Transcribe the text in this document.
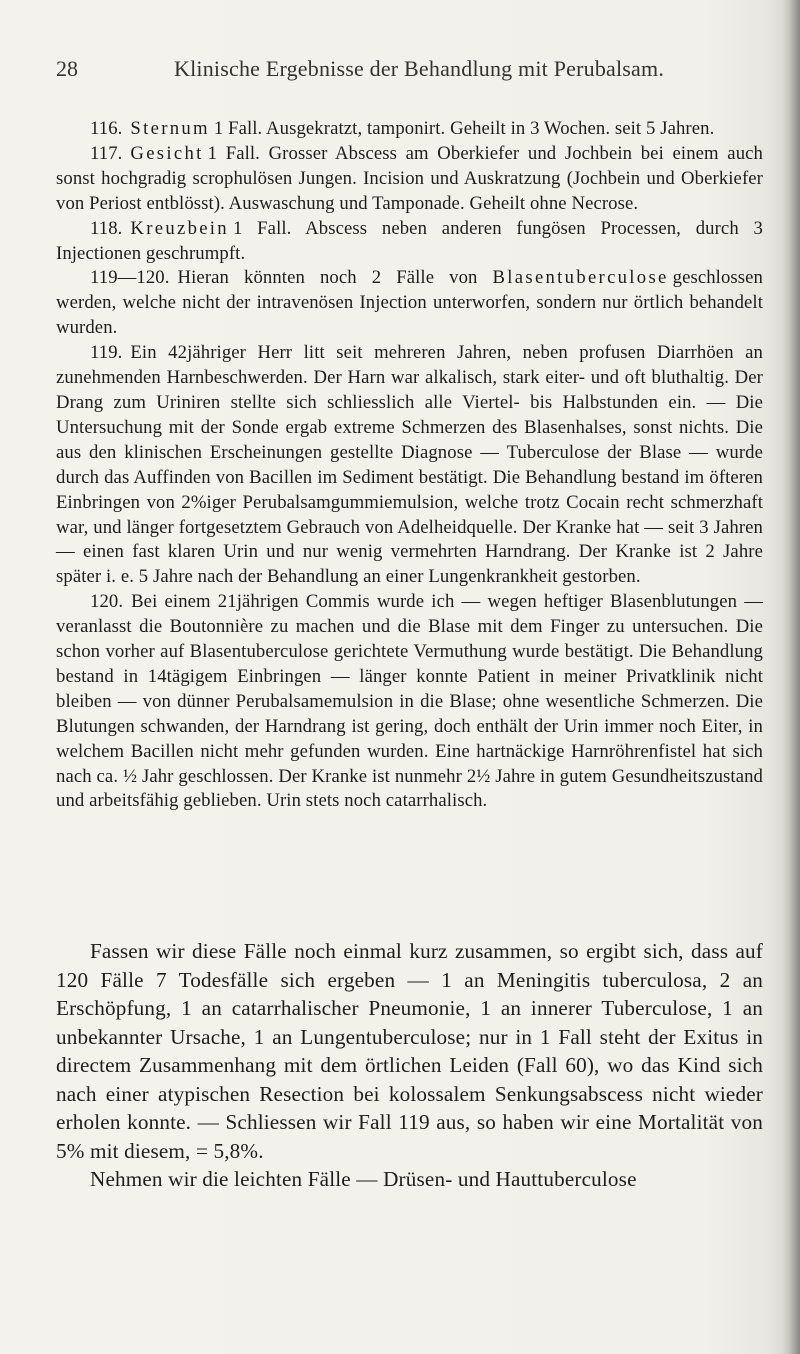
28	Klinische Ergebnisse der Behandlung mit Perubalsam.

116. Sternum 1 Fall. Ausgekratzt, tamponirt. Geheilt in 3 Wochen. seit 5 Jahren.

117. Gesicht 1 Fall. Grosser Abscess am Oberkiefer und Jochbein bei einem auch sonst hochgradig scrophulösen Jungen. Incision und Auskratzung (Jochbein und Oberkiefer von Periost entblösst). Auswaschung und Tamponade. Geheilt ohne Necrose.

118. Kreuzbein 1 Fall. Abscess neben anderen fungösen Processen, durch 3 Injectionen geschrumpft.

119—120. Hieran könnten noch 2 Fälle von Blasentuberculose geschlossen werden, welche nicht der intravenösen Injection unterworfen, sondern nur örtlich behandelt wurden.

119. Ein 42jähriger Herr litt seit mehreren Jahren, neben profusen Diarrhöen an zunehmenden Harnbeschwerden. Der Harn war alkalisch, stark eiter- und oft bluthaltig. Der Drang zum Uriniren stellte sich schliesslich alle Viertel- bis Halbstunden ein. — Die Untersuchung mit der Sonde ergab extreme Schmerzen des Blasenhalses, sonst nichts. Die aus den klinischen Erscheinungen gestellte Diagnose — Tuberculose der Blase — wurde durch das Auffinden von Bacillen im Sediment bestätigt. Die Behandlung bestand im öfteren Einbringen von 2%iger Perubalsamgummiemulsion, welche trotz Cocain recht schmerzhaft war, und länger fortgesetztem Gebrauch von Adelheidquelle. Der Kranke hat — seit 3 Jahren — einen fast klaren Urin und nur wenig vermehrten Harndrang. Der Kranke ist 2 Jahre später i. e. 5 Jahre nach der Behandlung an einer Lungenkrankheit gestorben.

120. Bei einem 21jährigen Commis wurde ich — wegen heftiger Blasenblutungen — veranlasst die Boutonnière zu machen und die Blase mit dem Finger zu untersuchen. Die schon vorher auf Blasentuberculose gerichtete Vermuthung wurde bestätigt. Die Behandlung bestand in 14tägigem Einbringen — länger konnte Patient in meiner Privatklinik nicht bleiben — von dünner Perubalsamemulsion in die Blase; ohne wesentliche Schmerzen. Die Blutungen schwanden, der Harndrang ist gering, doch enthält der Urin immer noch Eiter, in welchem Bacillen nicht mehr gefunden wurden. Eine hartnäckige Harnröhrenfistel hat sich nach ca. ½ Jahr geschlossen. Der Kranke ist nunmehr 2½ Jahre in gutem Gesundheitszustand und arbeitsfähig geblieben. Urin stets noch catarrhalisch.

Fassen wir diese Fälle noch einmal kurz zusammen, so ergibt sich, dass auf 120 Fälle 7 Todesfälle sich ergeben — 1 an Meningitis tuberculosa, 2 an Erschöpfung, 1 an catarrhalischer Pneumonie, 1 an innerer Tuberculose, 1 an unbekannter Ursache, 1 an Lungentuberculose; nur in 1 Fall steht der Exitus in directem Zusammenhang mit dem örtlichen Leiden (Fall 60), wo das Kind sich nach einer atypischen Resection bei kolossalem Senkungsabscess nicht wieder erholen konnte. — Schliessen wir Fall 119 aus, so haben wir eine Mortalität von 5% mit diesem, = 5,8%.

Nehmen wir die leichten Fälle — Drüsen- und Hauttuberculose
